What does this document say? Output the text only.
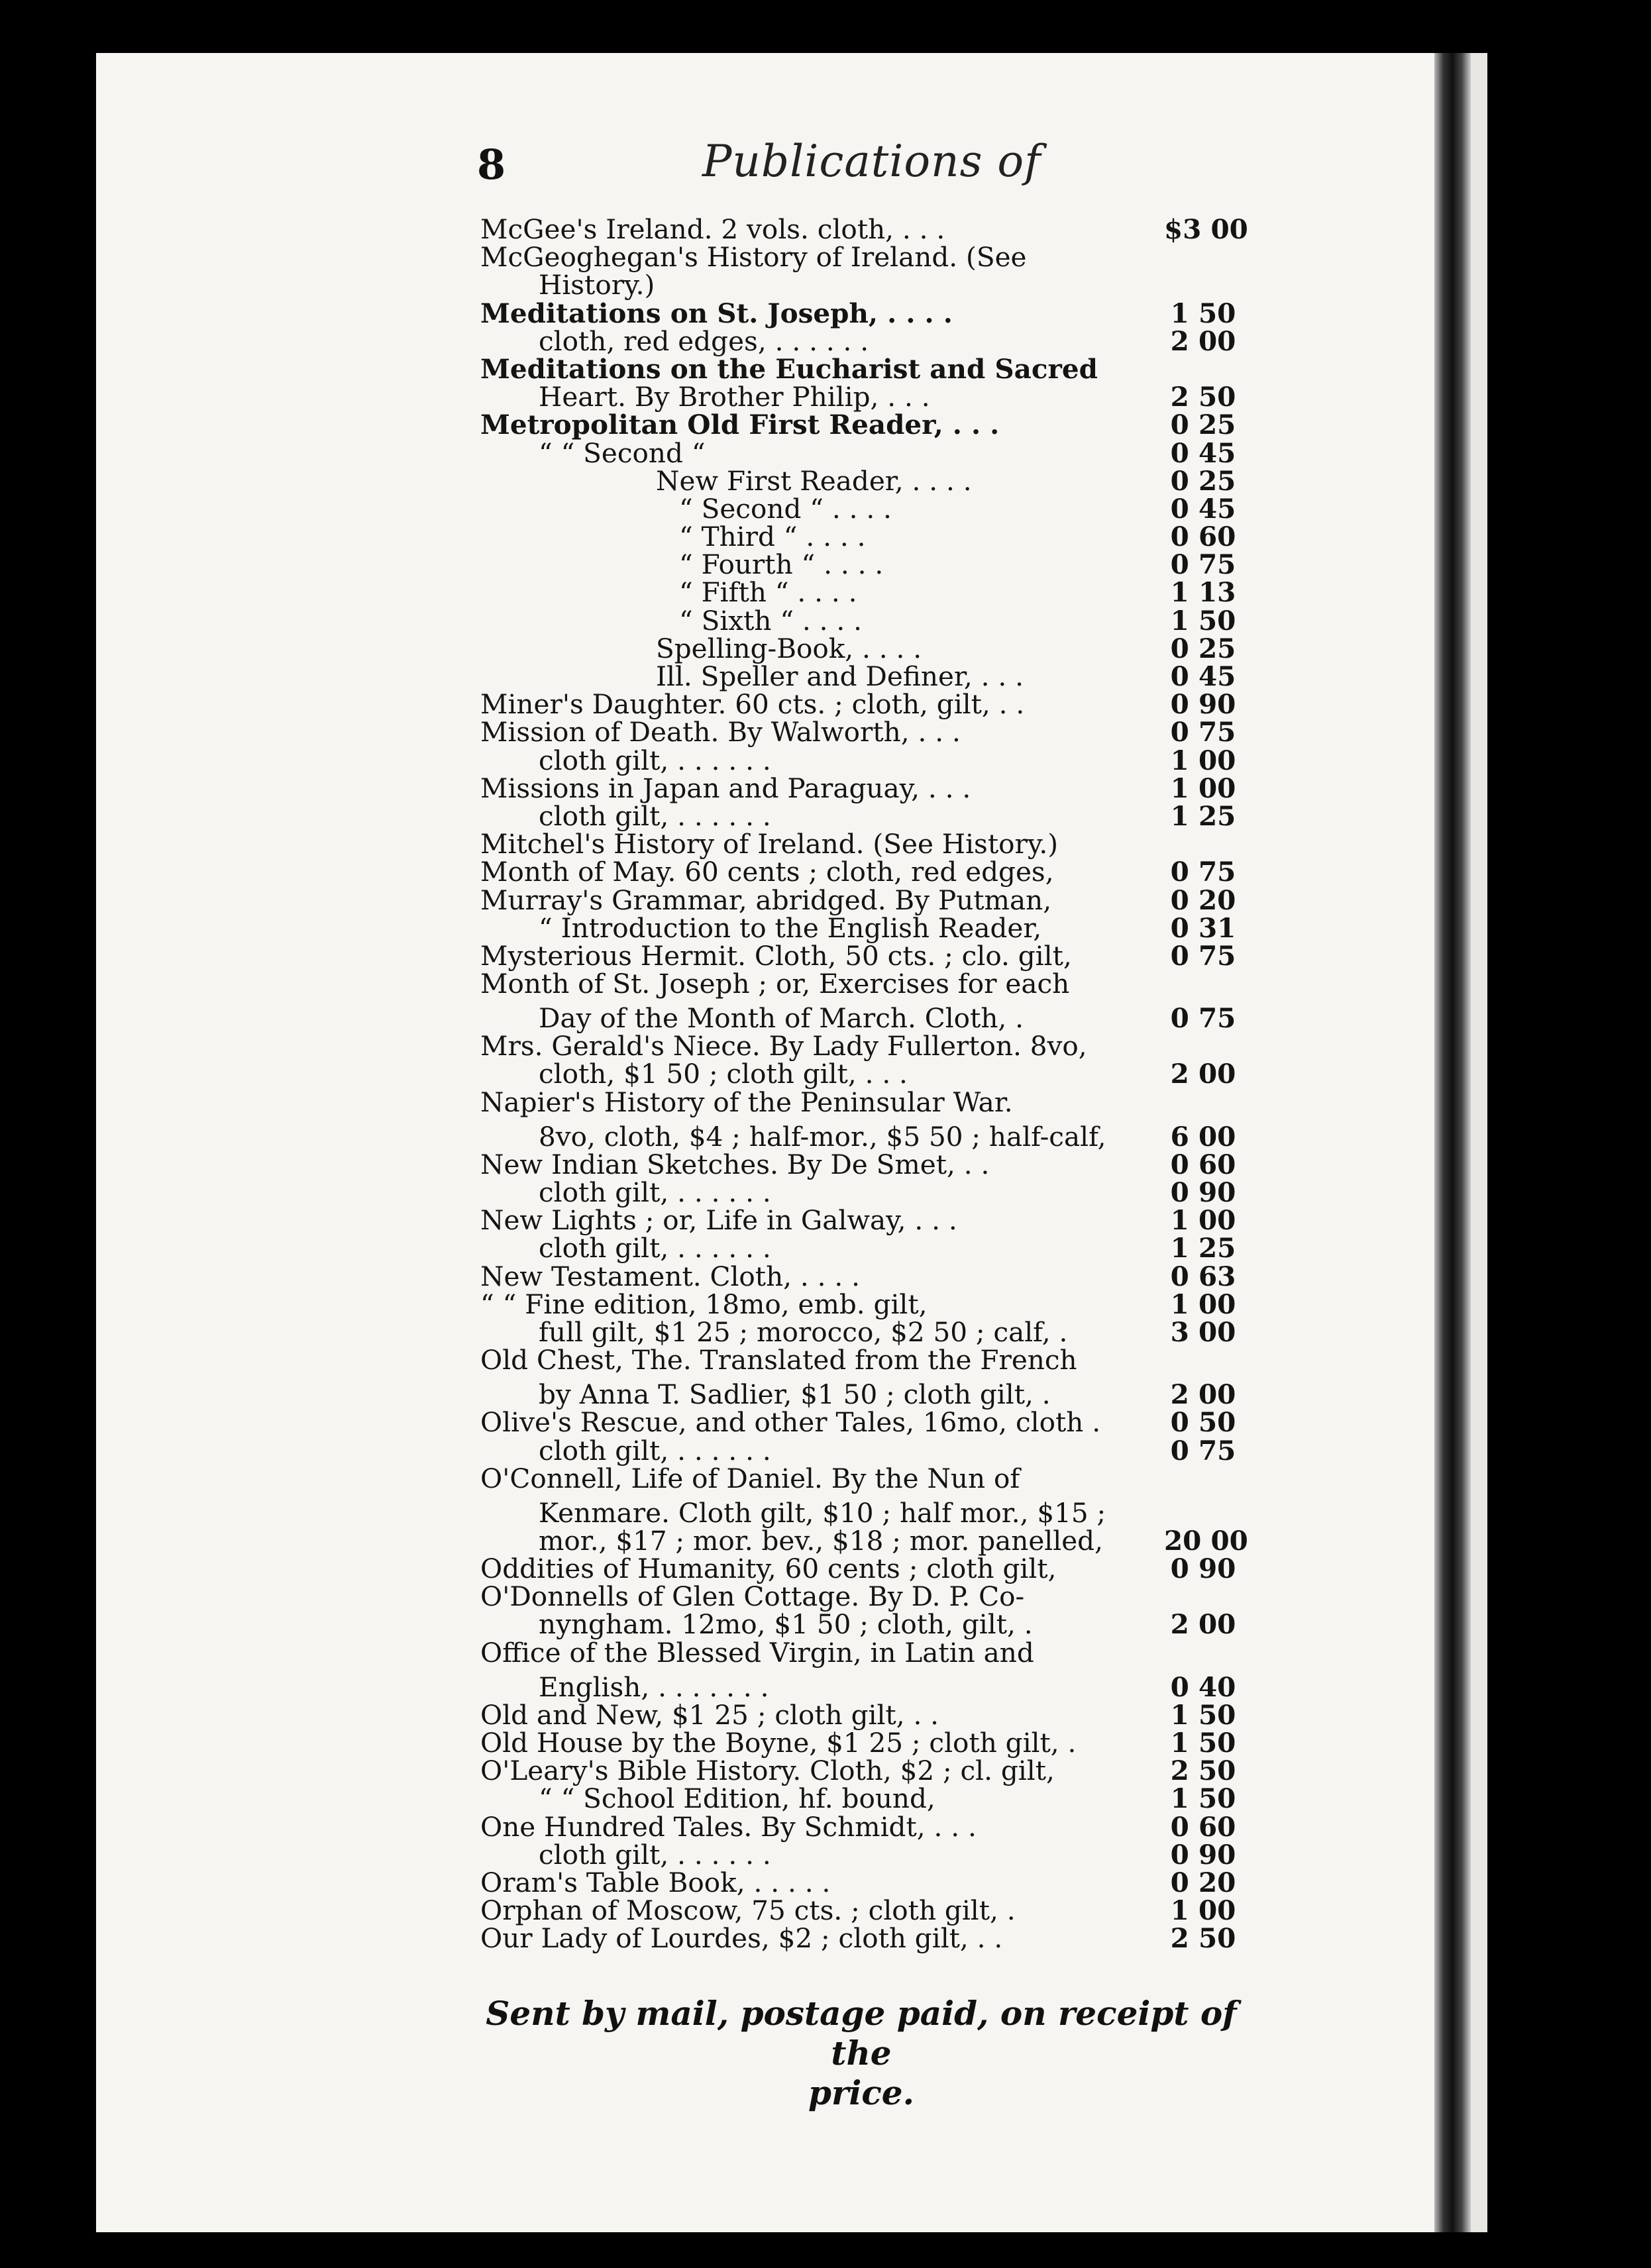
8	Publications of
McGee's Ireland. 2 vols. cloth, . . .	$3 00
McGeoghegan's History of Ireland. (See
History.)
Meditations on St. Joseph, . . . .	1 50
cloth, red edges, . . . . . .	2 00
Meditations on the Eucharist and Sacred
Heart. By Brother Philip, . . .	2 50
Metropolitan Old First Reader, . . .	0 25
“ “ Second “	0 45
New First Reader, . . . .	0 25
“ Second “ . . . .	0 45
“ Third “ . . . .	0 60
“ Fourth “ . . . .	0 75
“ Fifth “ . . . .	1 13
“ Sixth “ . . . .	1 50
Spelling-Book, . . . .	0 25
Ill. Speller and Definer, . . .	0 45
Miner's Daughter. 60 cts. ; cloth, gilt, . .	0 90
Mission of Death. By Walworth, . . .	0 75
cloth gilt, . . . . . .	1 00
Missions in Japan and Paraguay, . . .	1 00
cloth gilt, . . . . . .	1 25
Mitchel's History of Ireland. (See History.)
Month of May. 60 cents ; cloth, red edges,	0 75
Murray's Grammar, abridged. By Putman,	0 20
“ Introduction to the English Reader,	0 31
Mysterious Hermit. Cloth, 50 cts. ; clo. gilt,	0 75
Month of St. Joseph ; or, Exercises for each
Day of the Month of March. Cloth, .	0 75
Mrs. Gerald's Niece. By Lady Fullerton. 8vo,
cloth, $1 50 ; cloth gilt, . . .	2 00
Napier's History of the Peninsular War.
8vo, cloth, $4 ; half-mor., $5 50 ; half-calf, 6 00
New Indian Sketches. By De Smet, . .	0 60
cloth gilt, . . . . . .	0 90
New Lights ; or, Life in Galway, . . .	1 00
cloth gilt, . . . . . .	1 25
New Testament. Cloth, . . . .	0 63
“ “ Fine edition, 18mo, emb. gilt,	1 00
full gilt, $1 25 ; morocco, $2 50 ; calf, .	3 00
Old Chest, The. Translated from the French
by Anna T. Sadlier, $1 50 ; cloth gilt, .	2 00
Olive's Rescue, and other Tales, 16mo, cloth .	0 50
cloth gilt, . . . . . .	0 75
O'Connell, Life of Daniel. By the Nun of
Kenmare. Cloth gilt, $10 ; half mor., $15 ;
mor., $17 ; mor. bev., $18 ; mor. panelled, 20 00
Oddities of Humanity, 60 cents ; cloth gilt,	0 90
O'Donnells of Glen Cottage. By D. P. Co-
nyngham. 12mo, $1 50 ; cloth, gilt, .	2 00
Office of the Blessed Virgin, in Latin and
English, . . . . . . .	0 40
Old and New, $1 25 ; cloth gilt, . .	1 50
Old House by the Boyne, $1 25 ; cloth gilt, .	1 50
O'Leary's Bible History. Cloth, $2 ; cl. gilt,	2 50
“ “ School Edition, hf. bound,	1 50
One Hundred Tales. By Schmidt, . . .	0 60
cloth gilt, . . . . . .	0 90
Oram's Table Book, . . . . .	0 20
Orphan of Moscow, 75 cts. ; cloth gilt, .	1 00
Our Lady of Lourdes, $2 ; cloth gilt, . .	2 50
Sent by mail, postage paid, on receipt of the
price.
